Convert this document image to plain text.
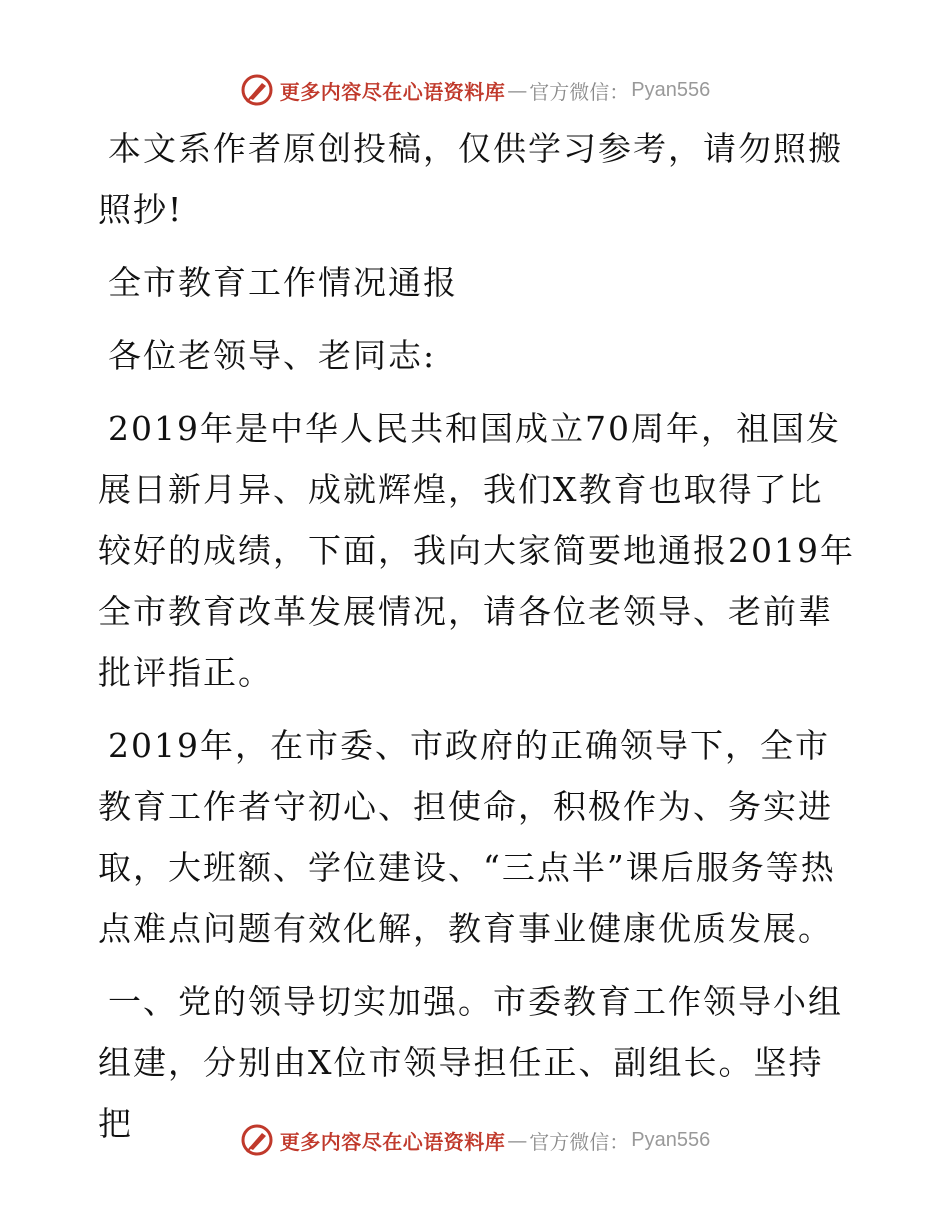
更多内容尽在心语资料库 — 官方微信： Pyan556

本文系作者原创投稿，仅供学习参考，请勿照搬照抄!

全市教育工作情况通报

各位老领导、老同志:

2019年是中华人民共和国成立70周年，祖国发展日新月异、成就辉煌，我们X教育也取得了比较好的成绩，下面，我向大家简要地通报2019年全市教育改革发展情况，请各位老领导、老前辈批评指正。

2019年，在市委、市政府的正确领导下，全市教育工作者守初心、担使命，积极作为、务实进取，大班额、学位建设、“三点半”课后服务等热点难点问题有效化解，教育事业健康优质发展。

一、党的领导切实加强。市委教育工作领导小组组建，分别由X位市领导担任正、副组长。坚持把	更多内容尽在心语资料库 — 官方微信： Pyan556
